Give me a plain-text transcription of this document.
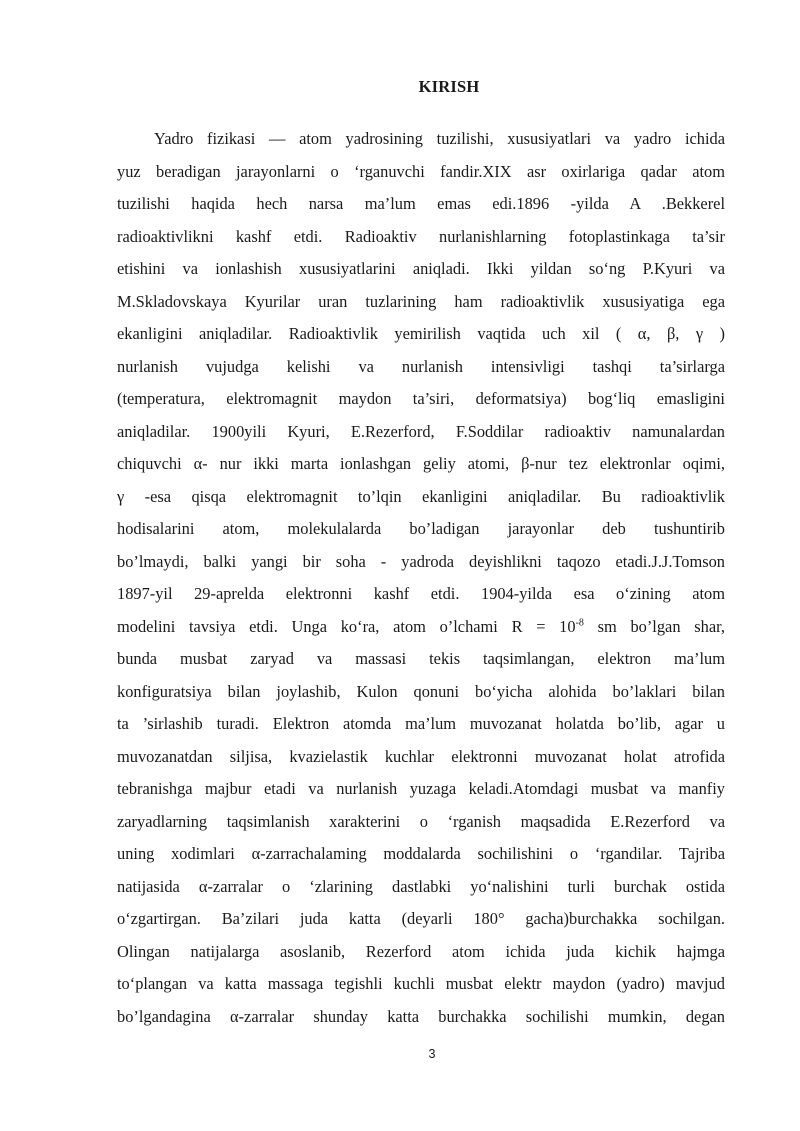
KIRISH
Yadro fizikasi — atom yadrosining tuzilishi, xususiyatlari va yadro ichida
yuz beradigan jarayonlarni o ‘rganuvchi fandir.XIX asr oxirlariga qadar atom
tuzilishi haqida hech narsa ma’lum emas edi.1896 -yilda A .Bekkerel
radioaktivlikni kashf etdi. Radioaktiv nurlanishlarning fotoplastinkaga ta’sir
etishini va ionlashish xususiyatlarini aniqladi. Ikki yildan so‘ng P.Kyuri va
M.Skladovskaya Kyurilar uran tuzlarining ham radioaktivlik xususiyatiga ega
ekanligini aniqladilar. Radioaktivlik yemirilish vaqtida uch xil ( α, β, γ )
nurlanish vujudga kelishi va nurlanish intensivligi tashqi ta’sirlarga
(temperatura, elektromagnit maydon ta’siri, deformatsiya) bog‘liq emasligini
aniqladilar. 1900yili Kyuri, E.Rezerford, F.Soddilar radioaktiv namunalardan
chiquvchi α- nur ikki marta ionlashgan geliy atomi, β-nur tez elektronlar oqimi,
γ -esa qisqa elektromagnit to’lqin ekanligini aniqladilar. Bu radioaktivlik
hodisalarini atom, molekulalarda bo’ladigan jarayonlar deb tushuntirib
bo’lmaydi, balki yangi bir soha - yadroda deyishlikni taqozo etadi.J.J.Tomson
1897-yil 29-aprelda elektronni kashf etdi. 1904-yilda esa o‘zining atom
modelini tavsiya etdi. Unga ko‘ra, atom o’lchami $R = 10^{-8}$ sm bo’lgan shar,
bunda musbat zaryad va massasi tekis taqsimlangan, elektron ma’lum
konfiguratsiya bilan joylashib, Kulon qonuni bo‘yicha alohida bo’laklari bilan
ta ’sirlashib turadi. Elektron atomda ma’lum muvozanat holatda bo’lib, agar u
muvozanatdan siljisa, kvazielastik kuchlar elektronni muvozanat holat atrofida
tebranishga majbur etadi va nurlanish yuzaga keladi.Atomdagi musbat va manfiy
zaryadlarning taqsimlanish xarakterini o ‘rganish maqsadida E.Rezerford va
uning xodimlari α-zarrachalaming moddalarda sochilishini o ‘rgandilar. Tajriba
natijasida α-zarralar o ‘zlarining dastlabki yo‘nalishini turli burchak ostida
o‘zgartirgan. Ba’zilari juda katta (deyarli 180° gacha)burchakka sochilgan.
Olingan natijalarga asoslanib, Rezerford atom ichida juda kichik hajmga
to‘plangan va katta massaga tegishli kuchli musbat elektr maydon (yadro) mavjud
bo’lgandagina α-zarralar shunday katta burchakka sochilishi mumkin, degan
3
